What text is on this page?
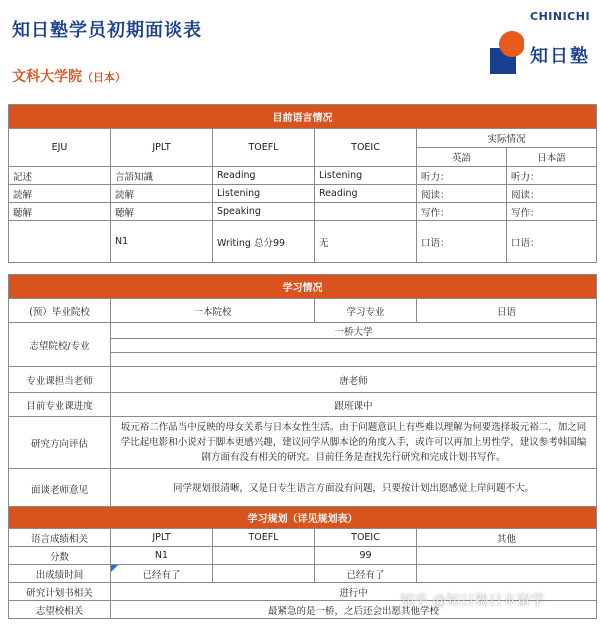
知日塾学员初期面谈表
文科大学院（日本）
CHINICHI
知日塾
目前语言情况					
EJU	JPLT	TOEFL	TOEIC	实际情况	
				英語	日本語
記述	言語知識	Reading	Listening	听力：	听力：
読解	読解	Listening	Reading	阅读：	阅读：
聴解	聴解	Speaking		写作：	写作：
	N1	Writing 总分99	无	口语：	口语：
学习情况			
(预）毕业院校	一本院校	学习专业	日语
志望院校/专业	一桥大学		

专业课担当老师	唐老师		
目前专业课进度	跟班课中		
研究方向评估	坂元裕二作品当中反映的母女关系与日本女性生活。由于问题意识上有些难以理解为何要选择坂元裕二，加之同学比起电影和小说对于脚本更感兴趣，建议同学从脚本论的角度入手，或许可以再加上男性学，建议参考韩国编剧方面有没有相关的研究。目前任务是查找先行研究和完成计划书写作。		
面谈老师意见	同学规划很清晰，又是日专生语言方面没有问题，只要按计划出愿感觉上岸问题不大。		
学习规划（详见规划表）				
语言成绩相关	JPLT	TOEFL	TOEIC	其他
分数	N1		99	
出成绩时间	已经有了		已经有了	
研究计划书相关	进行中			
志望校相关	最紧急的是一桥，之后还会出愿其他学校			
知乎 @知日塾日本留学
